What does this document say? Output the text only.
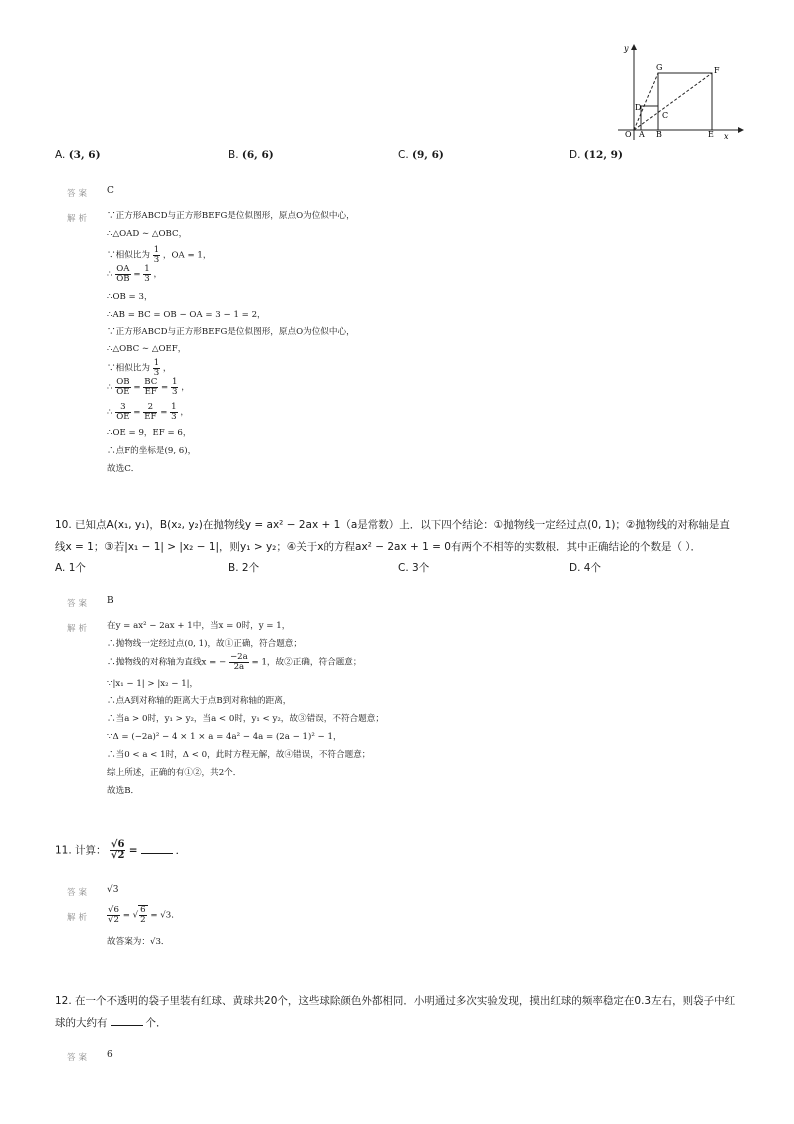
y
G	F
D
C
O A B	E x
A. (3, 6)	B. (6, 6)	C. (9, 6)	D. (12, 9)
答案 C
解析 ∵正方形ABCD与正方形BEFG是位似图形，原点O为位似中心，
∴△OAD ∼ △OBC，
∵相似比为 $\frac{1}{3}$ ，OA = 1，
∴ $\frac{OA}{OB} = \frac{1}{3}$ ，
∴OB = 3，
∴AB = BC = OB − OA = 3 − 1 = 2，
∵正方形ABCD与正方形BEFG是位似图形，原点O为位似中心，
∴△OBC ∼ △OEF，
∵相似比为 $\frac{1}{3}$ ，
∴ $\frac{OB}{OE} = \frac{BC}{EF} = \frac{1}{3}$ ，
∴ $\frac{3}{OE} = \frac{2}{EF} = \frac{1}{3}$ ，
∴OE = 9，EF = 6，
∴点F的坐标是(9, 6)，
故选C．
10. 已知点A(x₁, y₁)，B(x₂, y₂)在抛物线y = ax² − 2ax + 1（a是常数）上．以下四个结论：①抛物线一定经过点(0, 1)；②抛物线的对称轴是直
线x = 1；③若|x₁ − 1| > |x₂ − 1|，则y₁ > y₂；④关于x的方程ax² − 2ax + 1 = 0有两个不相等的实数根．其中正确结论的个数是（ ）．
A. 1个	B. 2个	C. 3个	D. 4个
答案 B
解析 在y = ax² − 2ax + 1中，当x = 0时，y = 1，
∴抛物线一定经过点(0, 1)，故①正确，符合题意；
∴抛物线的对称轴为直线x = − $\frac{-2a}{2a} = 1$，故②正确，符合题意；
∵|x₁ − 1| > |x₂ − 1|，
∴点A到对称轴的距离大于点B到对称轴的距离，
∴当a > 0时，y₁ > y₂，当a < 0时，y₁ < y₂，故③错误，不符合题意；
∵Δ = (−2a)² − 4 × 1 × a = 4a² − 4a = (2a − 1)² − 1，
∴当0 < a < 1时，Δ < 0，此时方程无解，故④错误，不符合题意；
综上所述，正确的有①②，共2个．
故选B．
11. 计算： $\frac{√6}{√2}$ =	．
答案 √3
解析 $\frac{√6}{√2}$ = √ $\frac{6}{2} = √3$．
故答案为：√3．
12. 在一个不透明的袋子里装有红球、黄球共20个，这些球除颜色外都相同．小明通过多次实验发现，摸出红球的频率稳定在0.3左右，则袋子中红
球的大约有	个．
答案 6
